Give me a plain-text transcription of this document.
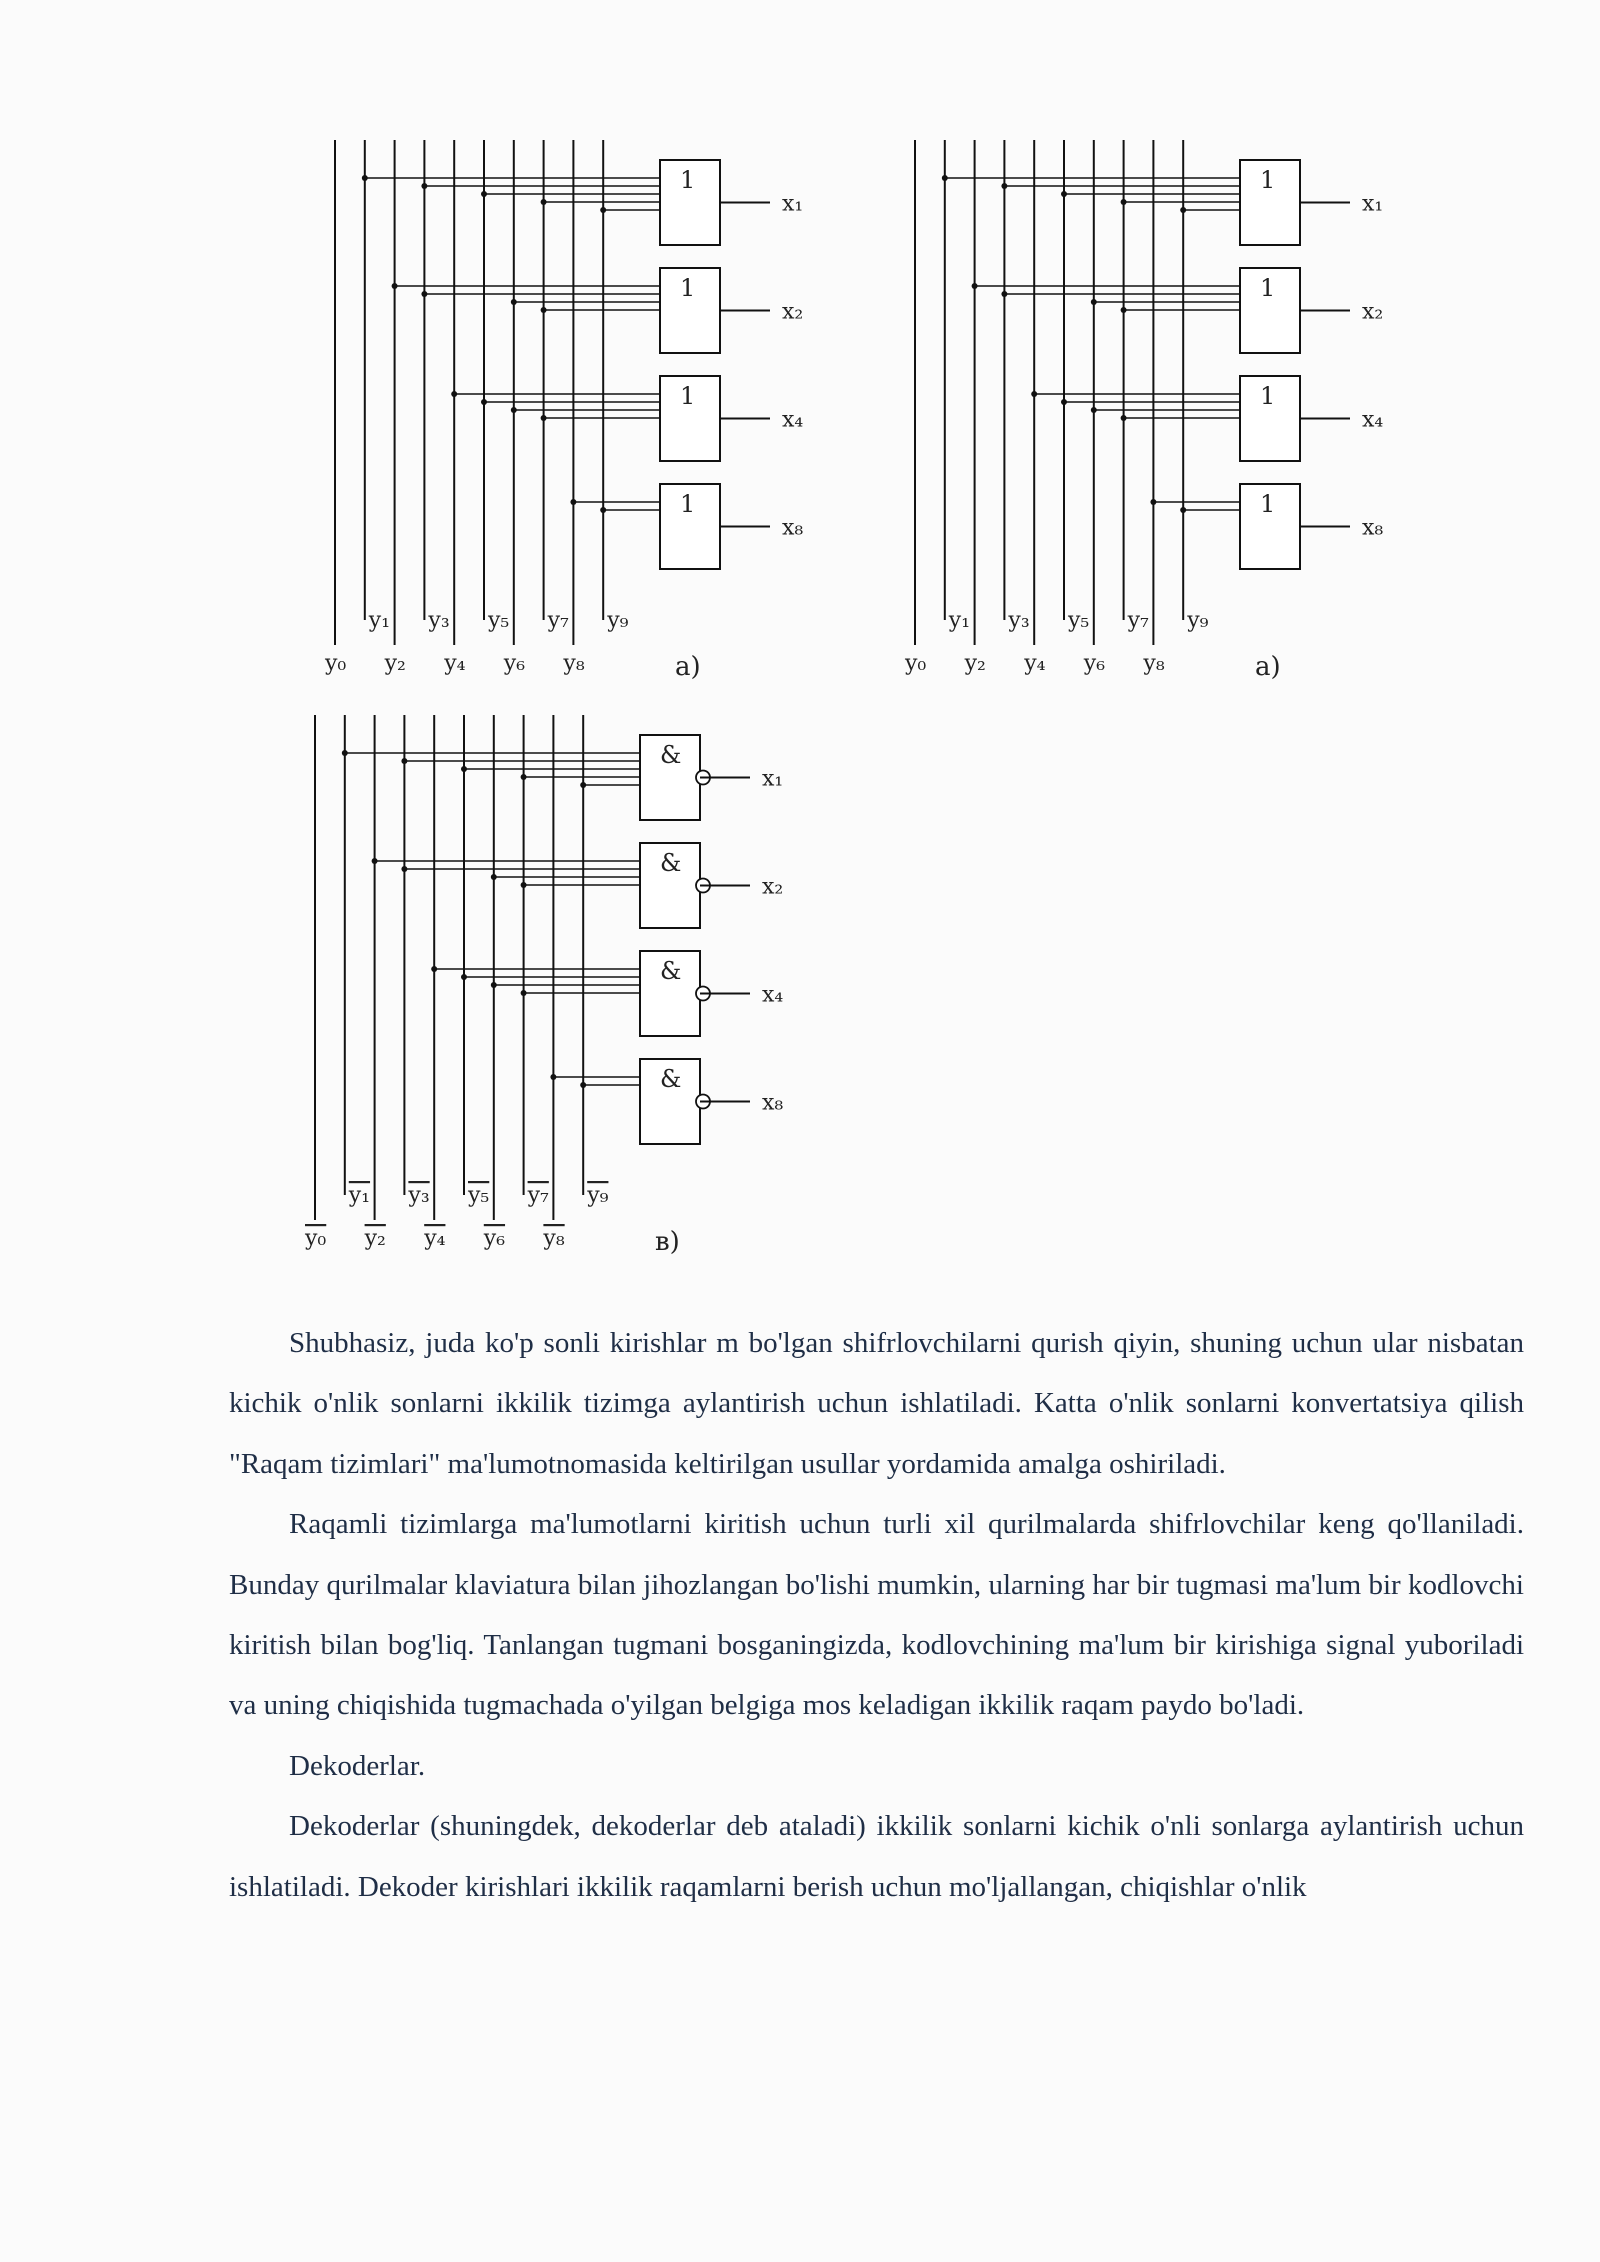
1
x₁
1
x₂
1
x₄
1
x₈
y₁ y₃ y₅ y₇ y₉
y₀ y₂ y₄ y₆ y₈	a)
1
x₁
1
x₂
1
x₄
1
x₈
y₁ y₃ y₅ y₇ y₉
y₀ y₂ y₄ y₆ y₈	a)
&
x₁
&
x₂
&
x₄
&
x₈
y₁ y₃ y₅ y₇ y₉
y₀ y₂ y₄ y₆ y₈	в)

Shubhasiz, juda ko'p sonli kirishlar m bo'lgan shifrlovchilarni qurish qiyin, shuning uchun ular nisbatan kichik o'nlik sonlarni ikkilik tizimga aylantirish uchun ishlatiladi. Katta o'nlik sonlarni konvertatsiya qilish "Raqam tizimlari" ma'lumotnomasida keltirilgan usullar yordamida amalga oshiriladi.

Raqamli tizimlarga ma'lumotlarni kiritish uchun turli xil qurilmalarda shifrlovchilar keng qo'llaniladi. Bunday qurilmalar klaviatura bilan jihozlangan bo'lishi mumkin, ularning har bir tugmasi ma'lum bir kodlovchi kiritish bilan bog'liq. Tanlangan tugmani bosganingizda, kodlovchining ma'lum bir kirishiga signal yuboriladi va uning chiqishida tugmachada o'yilgan belgiga mos keladigan ikkilik raqam paydo bo'ladi.

Dekoderlar.

Dekoderlar (shuningdek, dekoderlar deb ataladi) ikkilik sonlarni kichik o'nli sonlarga aylantirish uchun ishlatiladi. Dekoder kirishlari ikkilik raqamlarni berish uchun mo'ljallangan, chiqishlar o'nlik
